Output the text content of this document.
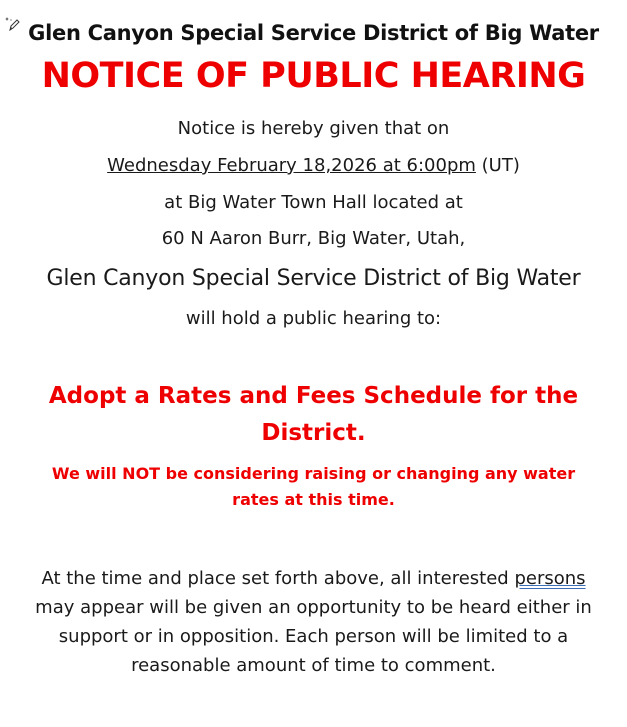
Glen Canyon Special Service District of Big Water
NOTICE OF PUBLIC HEARING
Notice is hereby given that on
Wednesday February 18,2026 at 6:00pm (UT)
at Big Water Town Hall located at
60 N Aaron Burr, Big Water, Utah,
Glen Canyon Special Service District of Big Water
will hold a public hearing to:
Adopt a Rates and Fees Schedule for the District.
We will NOT be considering raising or changing any water rates at this time.
At the time and place set forth above, all interested persons may appear will be given an opportunity to be heard either in support or in opposition. Each person will be limited to a reasonable amount of time to comment.
